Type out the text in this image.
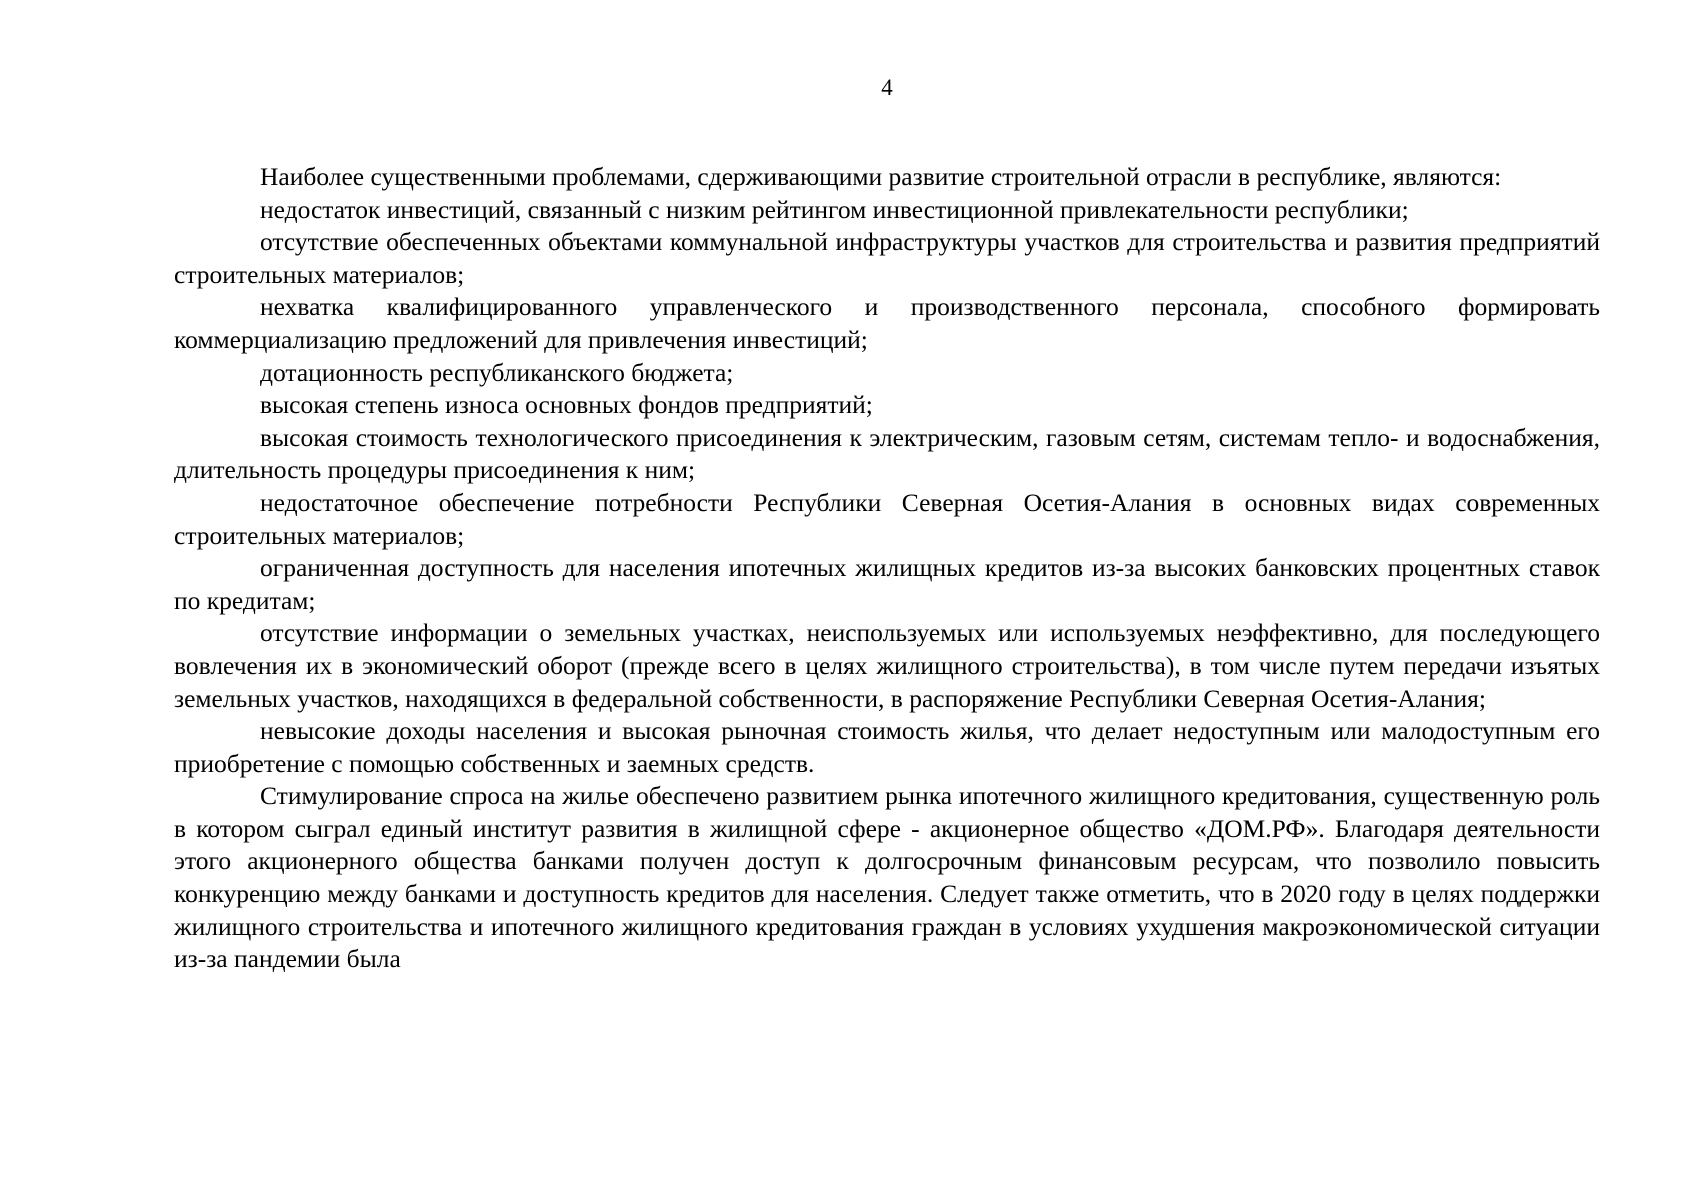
4

Наиболее существенными проблемами, сдерживающими развитие строительной отрасли в республике, являются:

недостаток инвестиций, связанный с низким рейтингом инвестиционной привлекательности республики;

отсутствие обеспеченных объектами коммунальной инфраструктуры участков для строительства и развития предприятий строительных материалов;

нехватка квалифицированного управленческого и производственного персонала, способного формировать коммерциализацию предложений для привлечения инвестиций;

дотационность республиканского бюджета;

высокая степень износа основных фондов предприятий;

высокая стоимость технологического присоединения к электрическим, газовым сетям, системам тепло- и водоснабжения, длительность процедуры присоединения к ним;

недостаточное обеспечение потребности Республики Северная Осетия-Алания в основных видах современных строительных материалов;

ограниченная доступность для населения ипотечных жилищных кредитов из-за высоких банковских процентных ставок по кредитам;

отсутствие информации о земельных участках, неиспользуемых или используемых неэффективно, для последующего вовлечения их в экономический оборот (прежде всего в целях жилищного строительства), в том числе путем передачи изъятых земельных участков, находящихся в федеральной собственности, в распоряжение Республики Северная Осетия-Алания;

невысокие доходы населения и высокая рыночная стоимость жилья, что делает недоступным или малодоступным его приобретение с помощью собственных и заемных средств.

Стимулирование спроса на жилье обеспечено развитием рынка ипотечного жилищного кредитования, существенную роль в котором сыграл единый институт развития в жилищной сфере - акционерное общество «ДОМ.РФ». Благодаря деятельности этого акционерного общества банками получен доступ к долгосрочным финансовым ресурсам, что позволило повысить конкуренцию между банками и доступность кредитов для населения. Следует также отметить, что в 2020 году в целях поддержки жилищного строительства и ипотечного жилищного кредитования граждан в условиях ухудшения макроэкономической ситуации из-за пандемии была
